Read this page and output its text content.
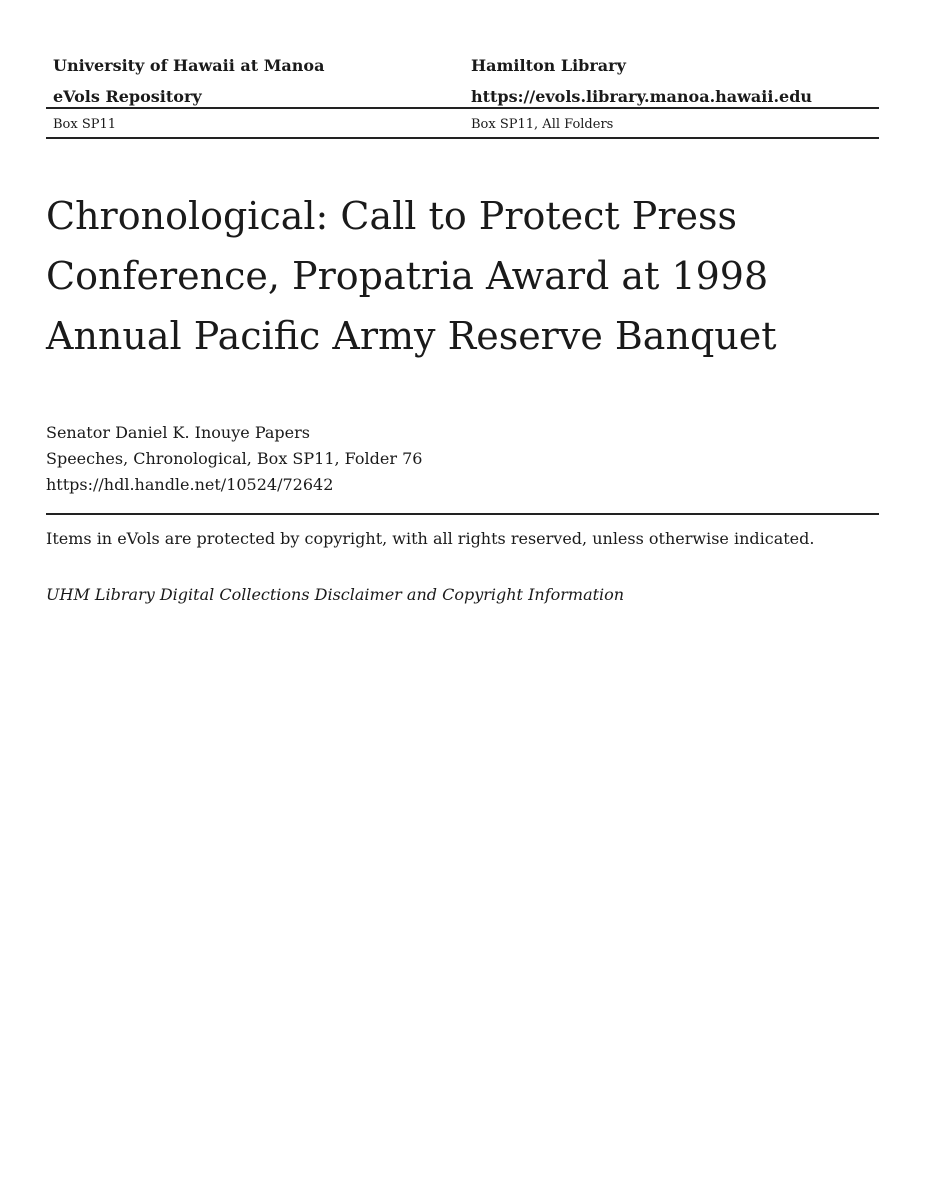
University of Hawaii at Manoa	Hamilton Library
eVols Repository	https://evols.library.manoa.hawaii.edu
Box SP11	Box SP11, All Folders
Chronological: Call to Protect Press Conference, Propatria Award at 1998 Annual Pacific Army Reserve Banquet
Senator Daniel K. Inouye Papers
Speeches, Chronological, Box SP11, Folder 76
https://hdl.handle.net/10524/72642
Items in eVols are protected by copyright, with all rights reserved, unless otherwise indicated.
UHM Library Digital Collections Disclaimer and Copyright Information
